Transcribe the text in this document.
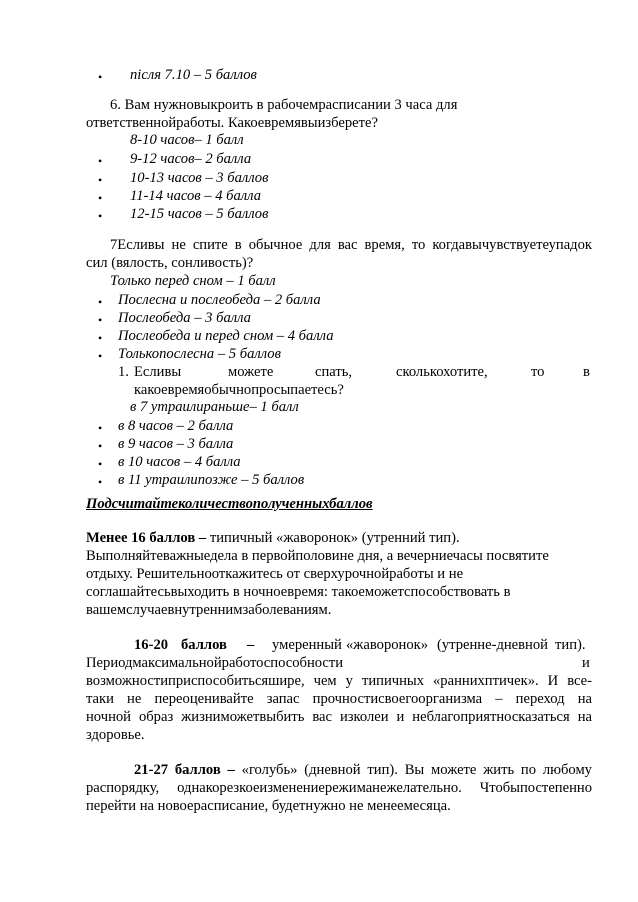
• після 7.10 – 5 баллов
6. Вам нужновыкроить в рабочемрасписании 3 часа для
ответственнойработы. Какоевремявыизберете?
8-10 часов– 1 балл
• 9-12 часов– 2 балла
• 10-13 часов – 3 баллов
• 11-14 часов – 4 балла
• 12-15 часов – 5 баллов
7Есливы не спите в обычное для вас время, то когдавычувствуетеупадок
сил (вялость, сонливость)?
Только перед сном – 1 балл
• Послесна и послеобеда – 2 балла
• Послеобеда – 3 балла
• Послеобеда и перед сном – 4 балла
• Толькопослесна – 5 баллов
1. Есливы	можете	спать,	сколькохотите,	то	в
какоевремяобычнопросыпаетесь?
в 7 утраилираньше– 1 балл
• в 8 часов – 2 балла
• в 9 часов – 3 балла
• в 10 часов – 4 балла
• в 11 утраилипозже – 5 баллов
Подсчитайтеколичествополученныхбаллов
Менее 16 баллов – типичный «жаворонок» (утренний тип).
Выполняйтеважныедела в первойполовине дня, а вечерниечасы посвятите
отдыху. Решительнооткажитесь от сверхурочнойработы и не
соглашайтесьвыходить в ночноевремя: такоеможетспособствовать в
вашемслучаевнутреннимзаболеваниям.
16-20 баллов – умеренный «жаворонок» (утренне-дневной тип).
Периодмаксимальнойработоспособности	и
возможностиприспособитьсяшире, чем у типичных «раннихптичек». И все-
таки не переоценивайте запас прочностисвоегоорганизма – переход на
ночной образ жизниможетвыбить вас изколеи и неблагоприятносказаться на
здоровье.
21-27 баллов – «голубь» (дневной тип). Вы можете жить по любому
распорядку, однакорезкоеизменениережиманежелательно. Чтобыпостепенно
перейти на новоерасписание, будетнужно не менеемесяца.
